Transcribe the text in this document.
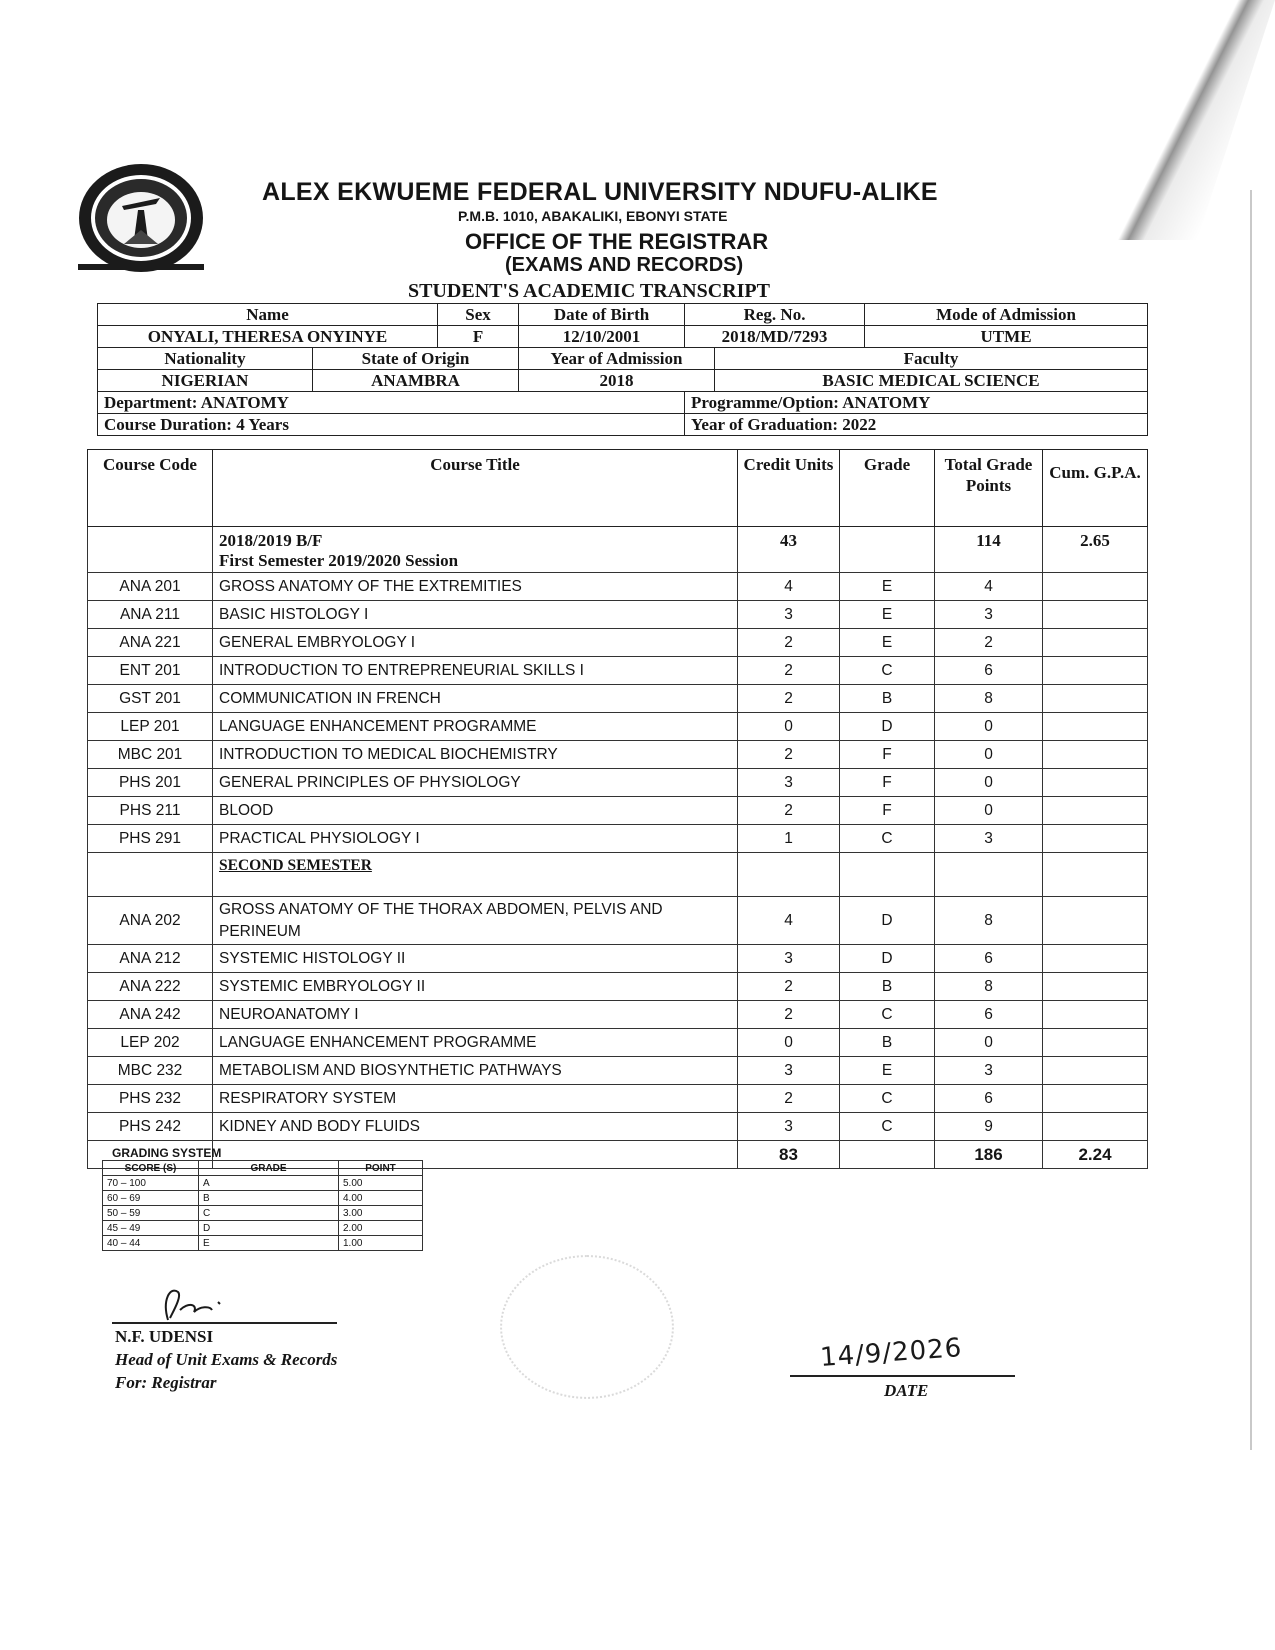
ALEX EKWUEME FEDERAL UNIVERSITY NDUFU-ALIKE
P.M.B. 1010, ABAKALIKI, EBONYI STATE
OFFICE OF THE REGISTRAR
(EXAMS AND RECORDS)
STUDENT'S ACADEMIC TRANSCRIPT
Name		Sex	Date of Birth	Reg. No.		Mode of Admission
ONYALI, THERESA ONYINYE		F	12/10/2001	2018/MD/7293		UTME
Nationality	State of Origin		Year of Admission		Faculty	
NIGERIAN	ANAMBRA		2018		BASIC MEDICAL SCIENCE	
Department: ANATOMY				Programme/Option: ANATOMY		
Course Duration: 4 Years				Year of Graduation: 2022		
Course Code	Course Title	Credit Units	Grade	Total Grade Points	Cum. G.P.A.

	2018/2019 B/F
First Semester 2019/2020 Session	43		114	2.65
ANA 201	GROSS ANATOMY OF THE EXTREMITIES	4	E	4	
ANA 211	BASIC HISTOLOGY I	3	E	3	
ANA 221	GENERAL EMBRYOLOGY I	2	E	2	
ENT 201	INTRODUCTION TO ENTREPRENEURIAL SKILLS I	2	C	6	
GST 201	COMMUNICATION IN FRENCH	2	B	8	
LEP 201	LANGUAGE ENHANCEMENT PROGRAMME	0	D	0	
MBC 201	INTRODUCTION TO MEDICAL BIOCHEMISTRY	2	F	0	
PHS 201	GENERAL PRINCIPLES OF PHYSIOLOGY	3	F	0	
PHS 211	BLOOD	2	F	0	
PHS 291	PRACTICAL PHYSIOLOGY I	1	C	3	
	SECOND SEMESTER				
ANA 202	GROSS ANATOMY OF THE THORAX ABDOMEN, PELVIS AND
PERINEUM	4	D	8	
ANA 212	SYSTEMIC HISTOLOGY II	3	D	6	
ANA 222	SYSTEMIC EMBRYOLOGY II	2	B	8	
ANA 242	NEUROANATOMY I	2	C	6	
LEP 202	LANGUAGE ENHANCEMENT PROGRAMME	0	B	0	
MBC 232	METABOLISM AND BIOSYNTHETIC PATHWAYS	3	E	3	
PHS 232	RESPIRATORY SYSTEM	2	C	6	
PHS 242	KIDNEY AND BODY FLUIDS	3	C	9	
		83		186	2.24
GRADING SYSTEM
SCORE (S)	GRADE	POINT
70 – 100	A	5.00
60 – 69	B	4.00
50 – 59	C	3.00
45 – 49	D	2.00
40 – 44	E	1.00
N.F. UDENSI
Head of Unit Exams & Records
For: Registrar
14/9/2026
DATE
